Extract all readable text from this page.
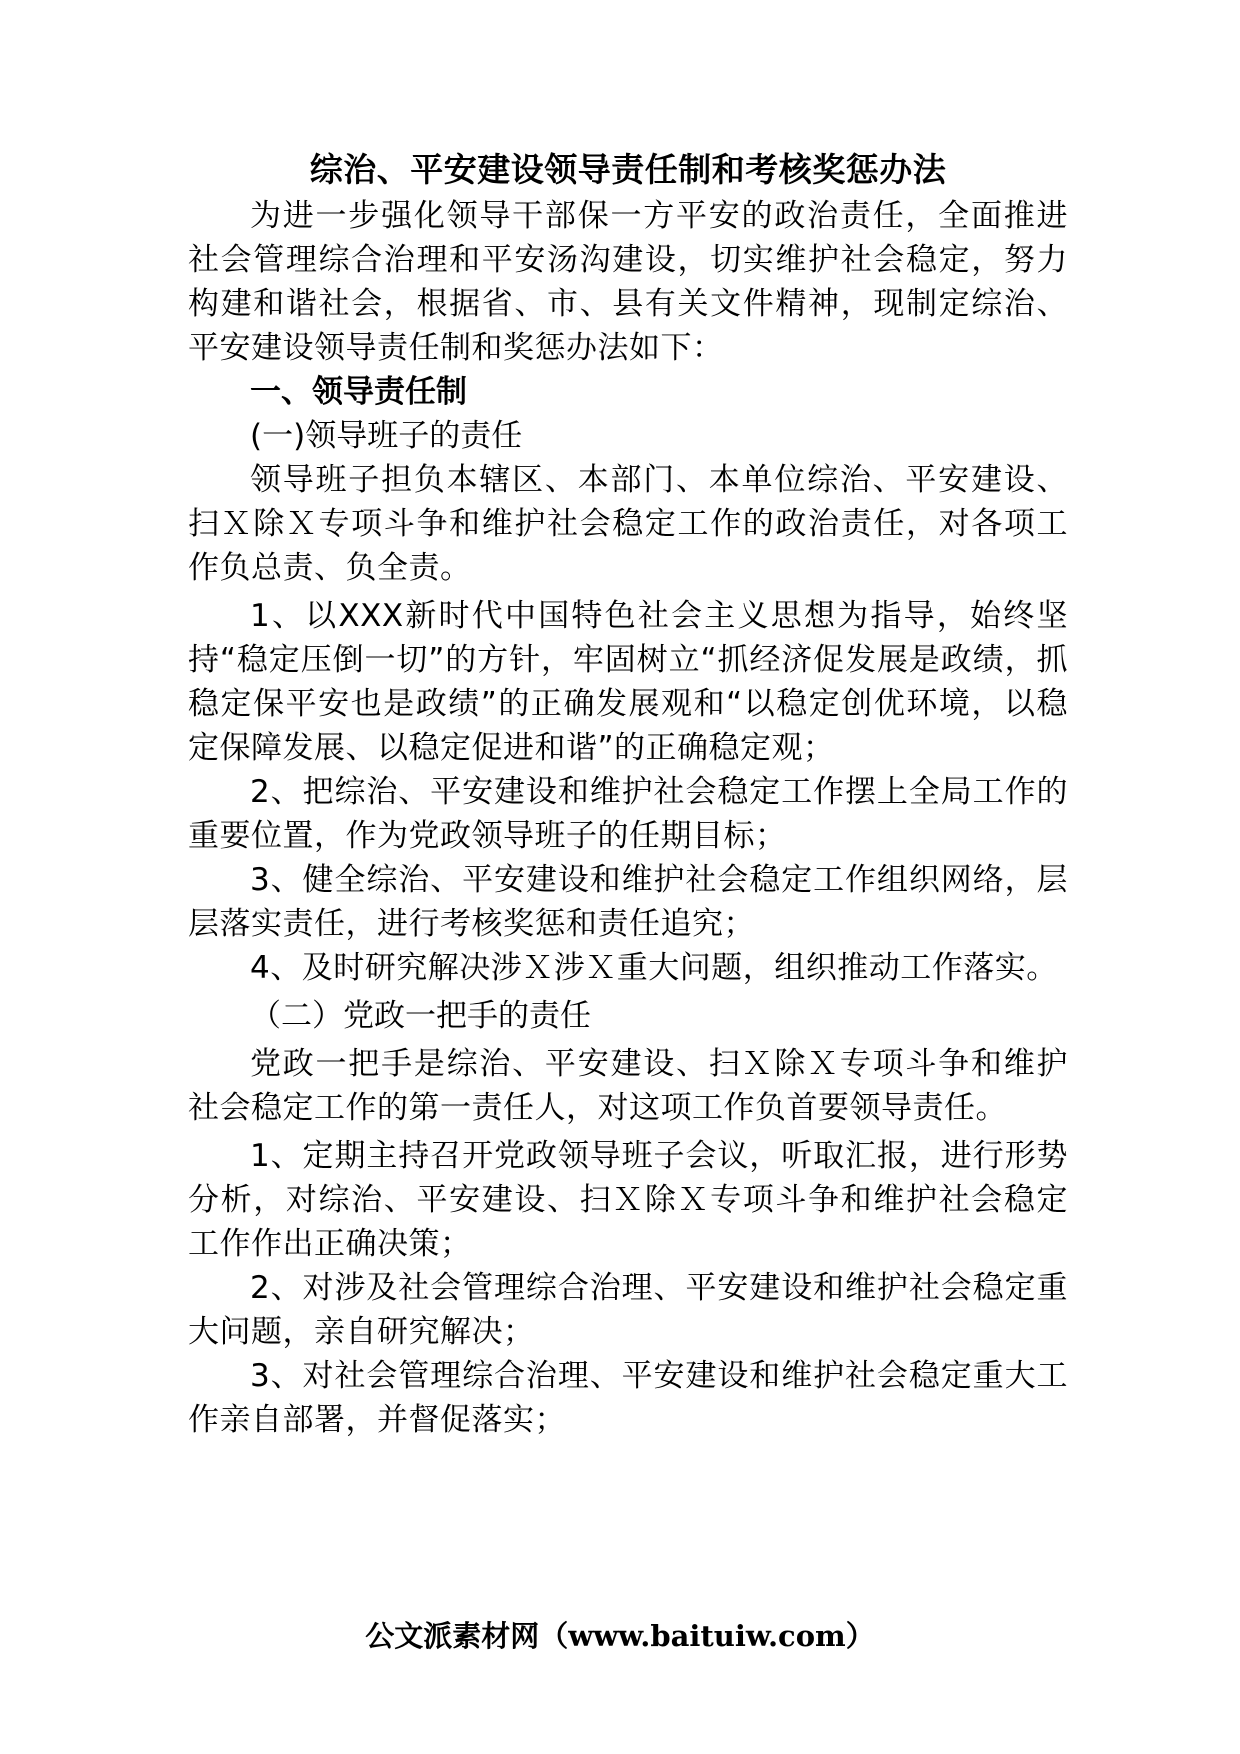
综治、平安建设领导责任制和考核奖惩办法

为进一步强化领导干部保一方平安的政治责任，全面推进社会管理综合治理和平安汤沟建设，切实维护社会稳定，努力构建和谐社会，根据省、市、县有关文件精神，现制定综治、平安建设领导责任制和奖惩办法如下：

一、领导责任制

(一)领导班子的责任

领导班子担负本辖区、本部门、本单位综治、平安建设、扫Ｘ除Ｘ专项斗争和维护社会稳定工作的政治责任，对各项工作负总责、负全责。

1、以XXX新时代中国特色社会主义思想为指导，始终坚持“稳定压倒一切”的方针，牢固树立“抓经济促发展是政绩，抓稳定保平安也是政绩”的正确发展观和“以稳定创优环境，以稳定保障发展、以稳定促进和谐”的正确稳定观；

2、把综治、平安建设和维护社会稳定工作摆上全局工作的重要位置，作为党政领导班子的任期目标；

3、健全综治、平安建设和维护社会稳定工作组织网络，层层落实责任，进行考核奖惩和责任追究；

4、及时研究解决涉Ｘ涉Ｘ重大问题，组织推动工作落实。

（二）党政一把手的责任

党政一把手是综治、平安建设、扫Ｘ除Ｘ专项斗争和维护社会稳定工作的第一责任人，对这项工作负首要领导责任。

1、定期主持召开党政领导班子会议，听取汇报，进行形势分析，对综治、平安建设、扫Ｘ除Ｘ专项斗争和维护社会稳定工作作出正确决策；

2、对涉及社会管理综合治理、平安建设和维护社会稳定重大问题，亲自研究解决；

3、对社会管理综合治理、平安建设和维护社会稳定重大工作亲自部署，并督促落实；

公文派素材网（www.baituiw.com）
